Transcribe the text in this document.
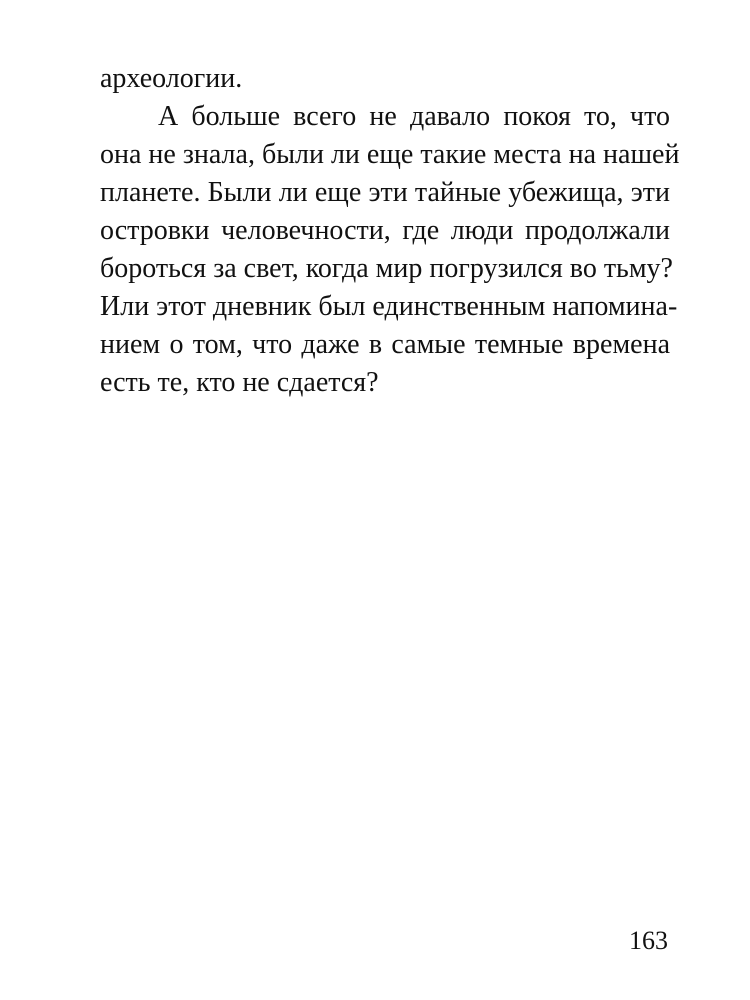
археологии.
А больше всего не давало покоя то, что
она не знала, были ли еще такие места на нашей
планете. Были ли еще эти тайные убежища, эти
островки человечности, где люди продолжали
бороться за свет, когда мир погрузился во тьму?
Или этот дневник был единственным напомина-
нием о том, что даже в самые темные времена
есть те, кто не сдается?
163
